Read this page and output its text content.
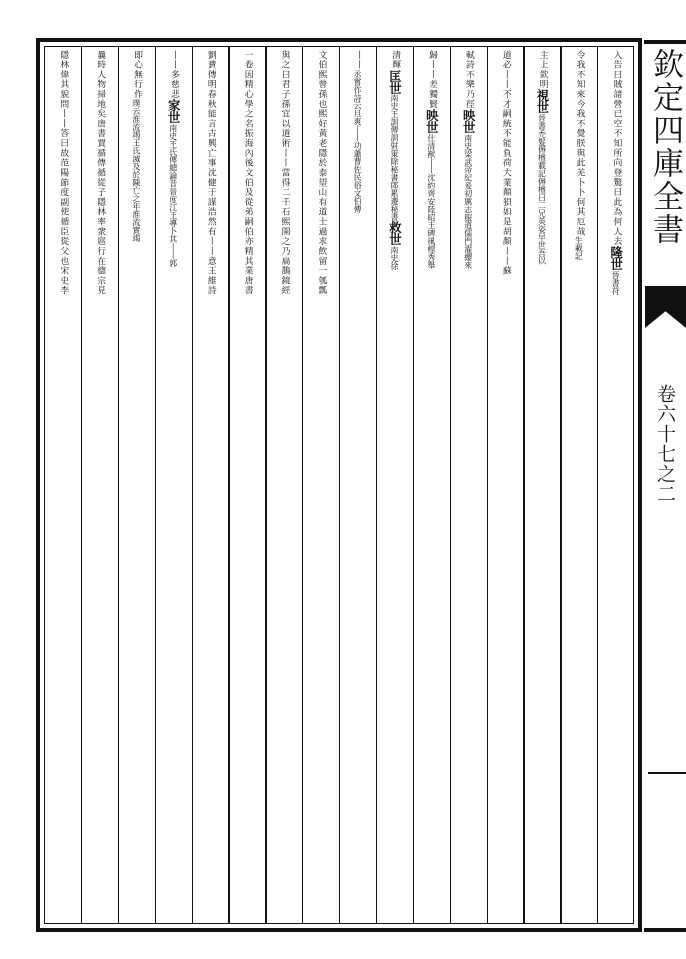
欽定四庫全書
卷六十七之二
入告曰賊諸營已空不知所向登驚曰此為何人去
隆世
晉書苻
令我不知來今我不覺朕與此羌卜卜何其厄哉
生載記
主上欽明
視世
晉書禿髮傉檀載記傉檀曰二兄英姿早世吾以
道必丨丨不才嗣統不能負荷大業顛狽如是胡顏丨丨蘇
軾詩不樂乃徑
映世
南史梁武帝紀爰初厲志服道儒門濯纓來
歸丨丨差獨賢
映世
仕清猷丨丨沈約齊安陸昭王碑風標秀舉
清輝
匡世
南史王訓傳訓射策除秘書郎累遷秘書
救世
南史徐
丨丨
丞嘗作詩云旦爽丨丨功蕭曹佐民俗
文伯傳
文伯熙曾孫也熙好黃老隱於泰望山有道士過求飲留一瓠瓢
與之曰君子孫宜以道術丨丨當得二千石熙開之乃扁鵲鏡經
一卷因精心學之名振海內後文伯及從弟嗣伯亦精其業唐書
劉蕡傳明春秋能言古興亡事沈健于謀浩然有丨丨意王維詩
丨丨多慈悲
家世
南史王氏傳總論昔晉度江王導卜其丨丨郭
即心無行作
璞云淮流竭王氏滅及於陳亡之年淮流實竭
曩時人物掃地矣唐書賈循傳循從子隱林率衆扈行在德宗見
隱林偉其貌問丨丨答曰故范陽節度副使循臣從父也宋史李
